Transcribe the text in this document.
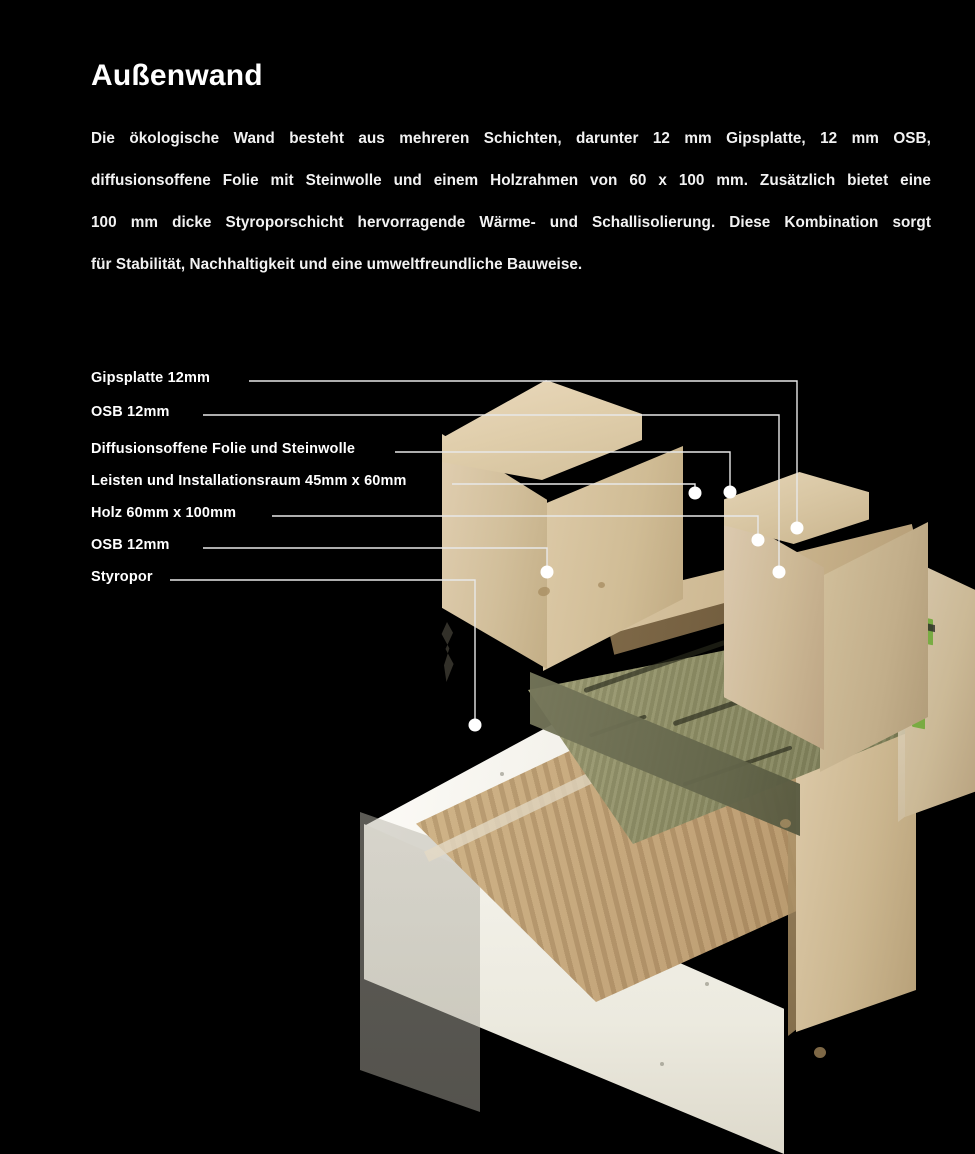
Außenwand
Die ökologische Wand besteht aus mehreren Schichten, darunter 12 mm Gipsplatte, 12 mm OSB,
diffusionsoffene Folie mit Steinwolle und einem Holzrahmen von 60 x 100 mm. Zusätzlich bietet eine
100 mm dicke Styroporschicht hervorragende Wärme- und Schallisolierung. Diese Kombination sorgt
für Stabilität, Nachhaltigkeit und eine umweltfreundliche Bauweise.
Gipsplatte 12mm
OSB 12mm
Diffusionsoffene Folie und Steinwolle
Leisten und Installationsraum 45mm x 60mm
Holz 60mm x 100mm
OSB 12mm
Styropor
